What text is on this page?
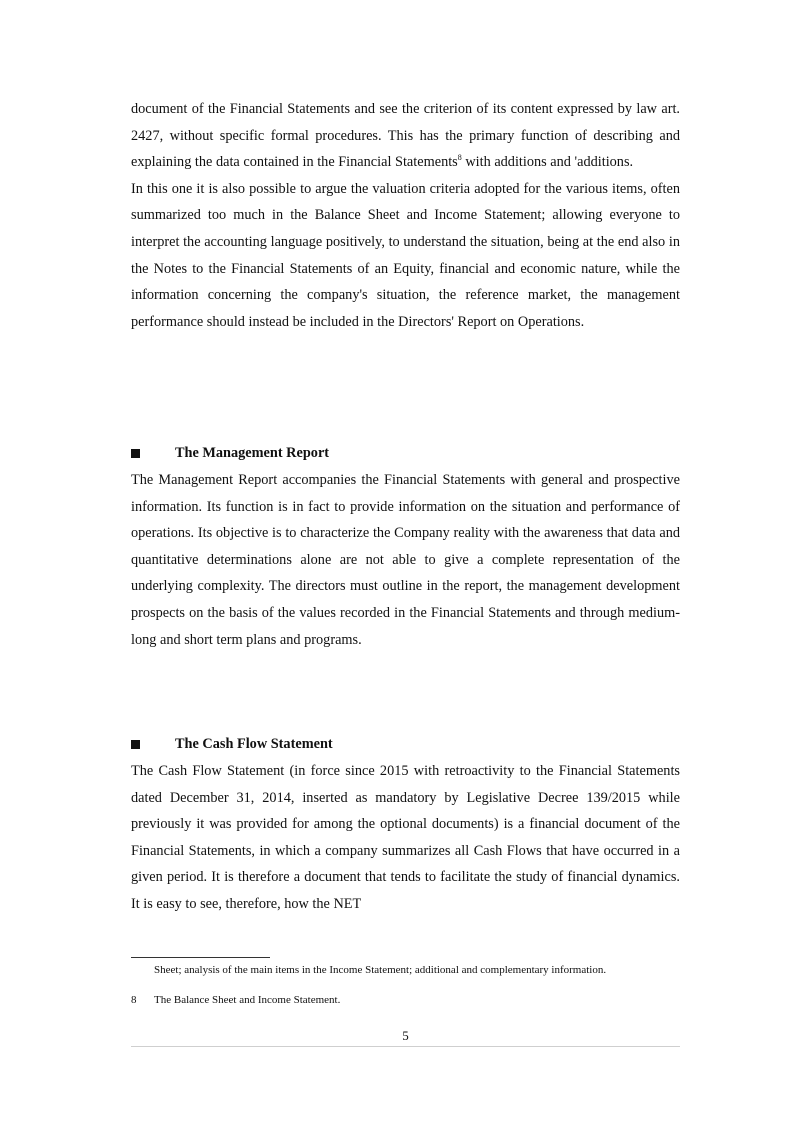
document of the Financial Statements and see the criterion of its content expressed by law art. 2427, without specific formal procedures. This has the primary function of describing and explaining the data contained in the Financial Statements$^8$ with additions and 'additions.

In this one it is also possible to argue the valuation criteria adopted for the various items, often summarized too much in the Balance Sheet and Income Statement; allowing everyone to interpret the accounting language positively, to understand the situation, being at the end also in the Notes to the Financial Statements of an Equity, financial and economic nature, while the information concerning the company's situation, the reference market, the management performance should instead be included in the Directors' Report on Operations.

The Management Report

The Management Report accompanies the Financial Statements with general and prospective information. Its function is in fact to provide information on the situation and performance of operations. Its objective is to characterize the Company reality with the awareness that data and quantitative determinations alone are not able to give a complete representation of the underlying complexity. The directors must outline in the report, the management development prospects on the basis of the values recorded in the Financial Statements and through medium-long and short term plans and programs.

The Cash Flow Statement

The Cash Flow Statement (in force since 2015 with retroactivity to the Financial Statements dated December 31, 2014, inserted as mandatory by Legislative Decree 139/2015 while previously it was provided for among the optional documents) is a financial document of the Financial Statements, in which a company summarizes all Cash Flows that have occurred in a given period. It is therefore a document that tends to facilitate the study of financial dynamics. It is easy to see, therefore, how the NET

Sheet; analysis of the main items in the Income Statement; additional and complementary information.
8 The Balance Sheet and Income Statement.
5
